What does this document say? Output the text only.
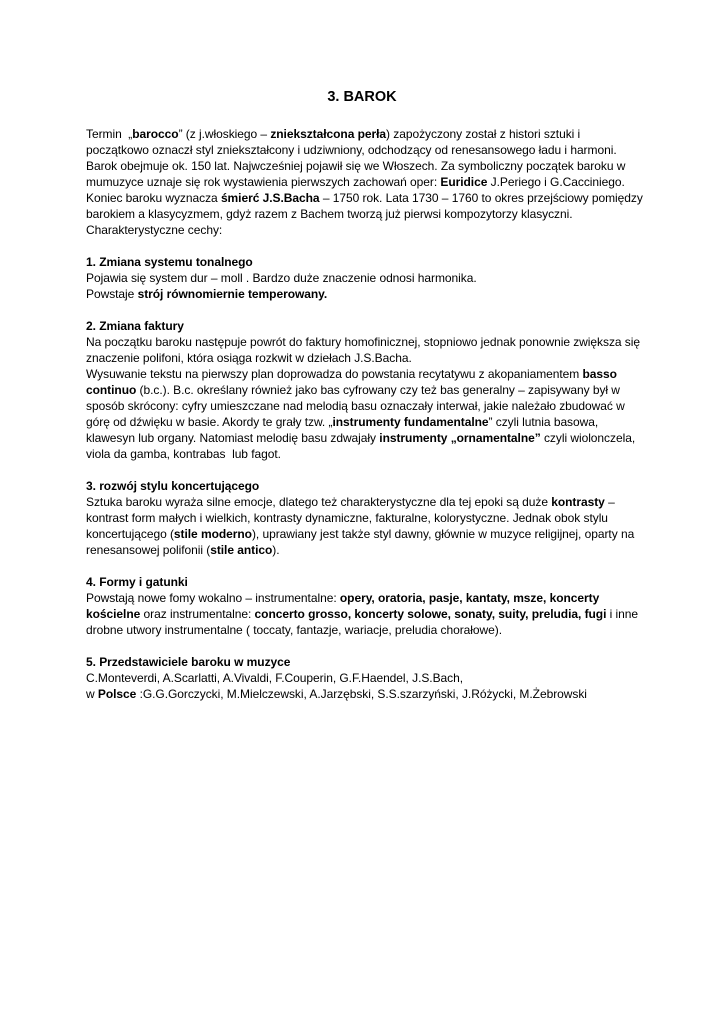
3. BAROK

Termin  „barocco” (z j.włoskiego – zniekształcona perła) zapożyczony został z histori sztuki i początkowo oznaczł styl zniekształcony i udziwniony, odchodzący od renesansowego ładu i harmoni. Barok obejmuje ok. 150 lat. Najwcześniej pojawił się we Włoszech. Za symboliczny początek baroku w mumuzyce uznaje się rok wystawienia pierwszych zachowań oper: Euridice J.Periego i G.Cacciniego. Koniec baroku wyznacza śmierć J.S.Bacha – 1750 rok. Lata 1730 – 1760 to okres przejściowy pomiędzy barokiem a klasycyzmem, gdyż razem z Bachem tworzą już pierwsi kompozytorzy klasyczni.

Charakterystyczne cechy:

1. Zmiana systemu tonalnego

Pojawia się system dur – moll . Bardzo duże znaczenie odnosi harmonika.

Powstaje strój równomiernie temperowany.

2. Zmiana faktury

Na początku baroku następuje powrót do faktury homofinicznej, stopniowo jednak ponownie zwiększa się znaczenie polifoni, która osiąga rozkwit w dziełach J.S.Bacha.

Wysuwanie tekstu na pierwszy plan doprowadza do powstania recytatywu z akopaniamentem basso continuo (b.c.). B.c. określany również jako bas cyfrowany czy też bas generalny – zapisywany był w sposób skrócony: cyfry umieszczane nad melodią basu oznaczały interwał, jakie należało zbudować w górę od dźwięku w basie. Akordy te grały tzw. „instrumenty fundamentalne” czyli lutnia basowa, klawesyn lub organy. Natomiast melodię basu zdwajały instrumenty „ornamentalne” czyli wiolonczela, viola da gamba, kontrabas  lub fagot.

3. rozwój stylu koncertującego

Sztuka baroku wyraża silne emocje, dlatego też charakterystyczne dla tej epoki są duże kontrasty – kontrast form małych i wielkich, kontrasty dynamiczne, fakturalne, kolorystyczne. Jednak obok stylu koncertującego (stile moderno), uprawiany jest także styl dawny, głównie w muzyce religijnej, oparty na renesansowej polifonii (stile antico).

4. Formy i gatunki

Powstają nowe fomy wokalno – instrumentalne: opery, oratoria, pasje, kantaty, msze, koncerty kościelne oraz instrumentalne: concerto grosso, koncerty solowe, sonaty, suity, preludia, fugi i inne drobne utwory instrumentalne ( toccaty, fantazje, wariacje, preludia chorałowe).

5. Przedstawiciele baroku w muzyce

C.Monteverdi, A.Scarlatti, A.Vivaldi, F.Couperin, G.F.Haendel, J.S.Bach,

w Polsce :G.G.Gorczycki, M.Mielczewski, A.Jarzębski, S.S.szarzyński, J.Różycki, M.Żebrowski
